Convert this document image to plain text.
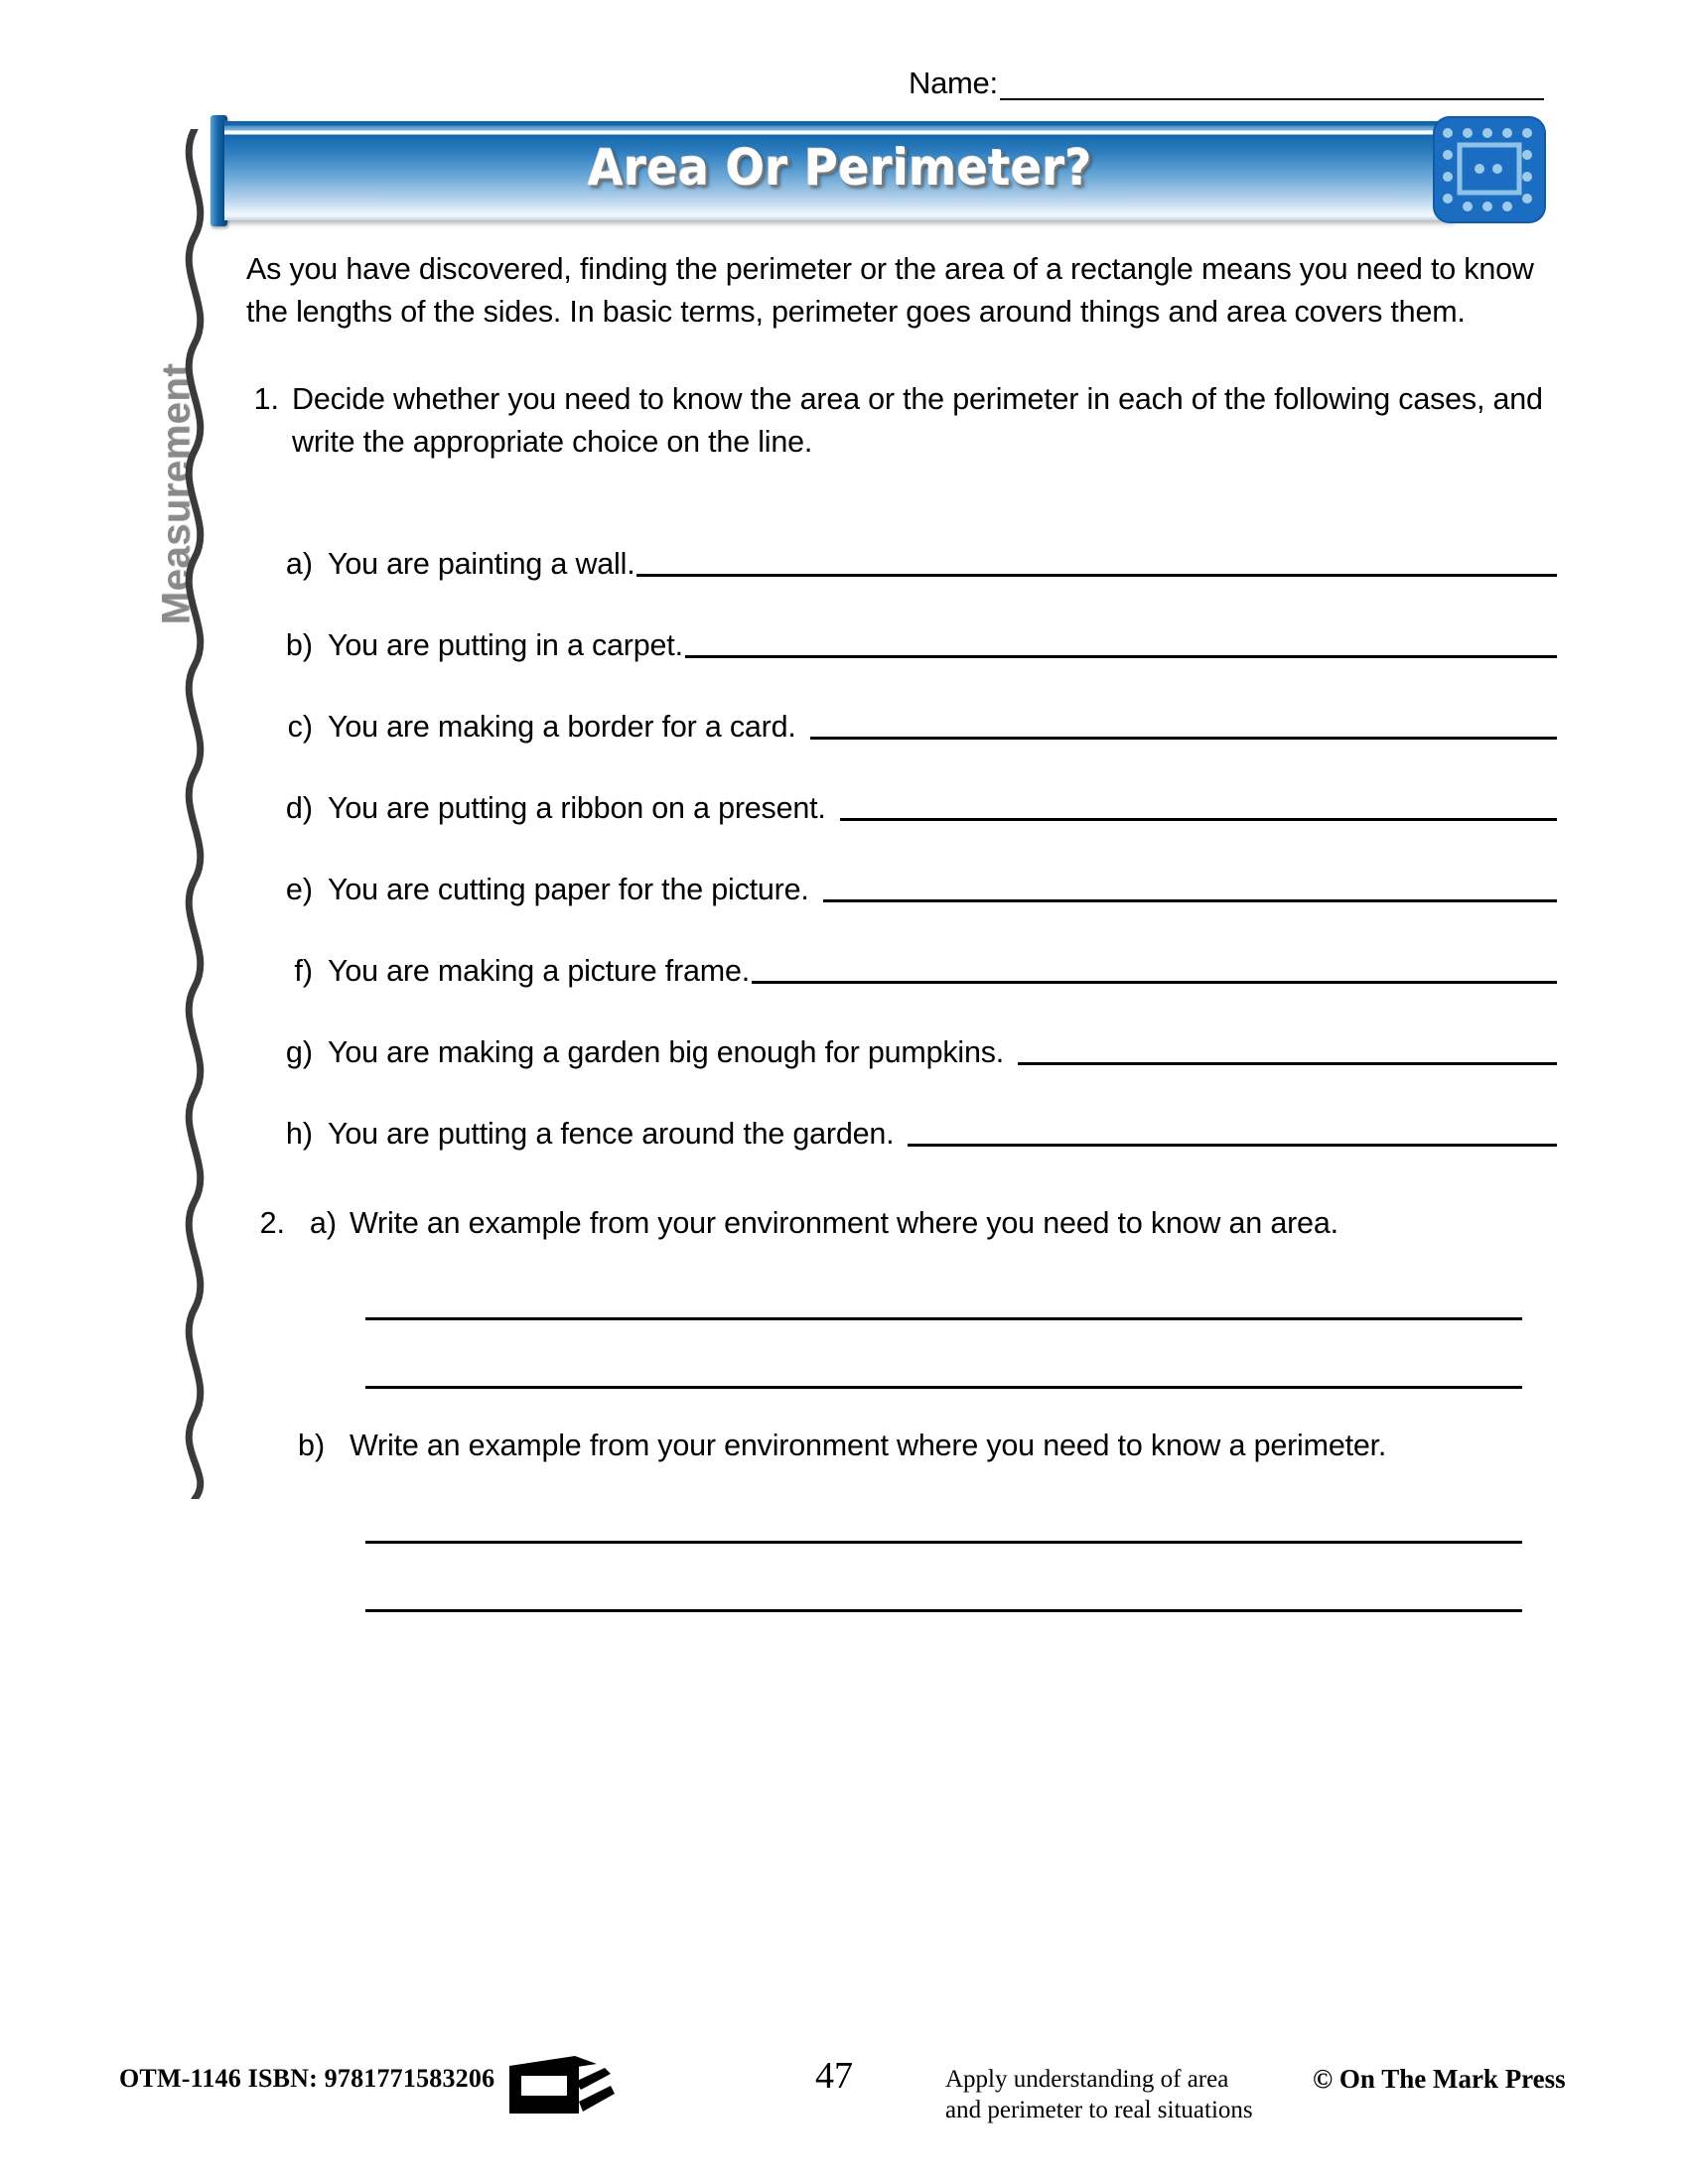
Name:
Measurement
Area Or Perimeter?

As you have discovered, finding the perimeter or the area of a rectangle means you need to know the lengths of the sides. In basic terms, perimeter goes around things and area covers them.

1. Decide whether you need to know the area or the perimeter in each of the following cases, and write the appropriate choice on the line.
a) You are painting a wall.
b) You are putting in a carpet.
c) You are making a border for a card.
d) You are putting a ribbon on a present.
e) You are cutting paper for the picture.
f) You are making a picture frame.
g) You are making a garden big enough for pumpkins.
h) You are putting a fence around the garden.
2. a) Write an example from your environment where you need to know an area.
b) Write an example from your environment where you need to know a perimeter.
OTM-1146 ISBN: 9781771583206	47	Apply understanding of area
and perimeter to real situations
© On The Mark Press
